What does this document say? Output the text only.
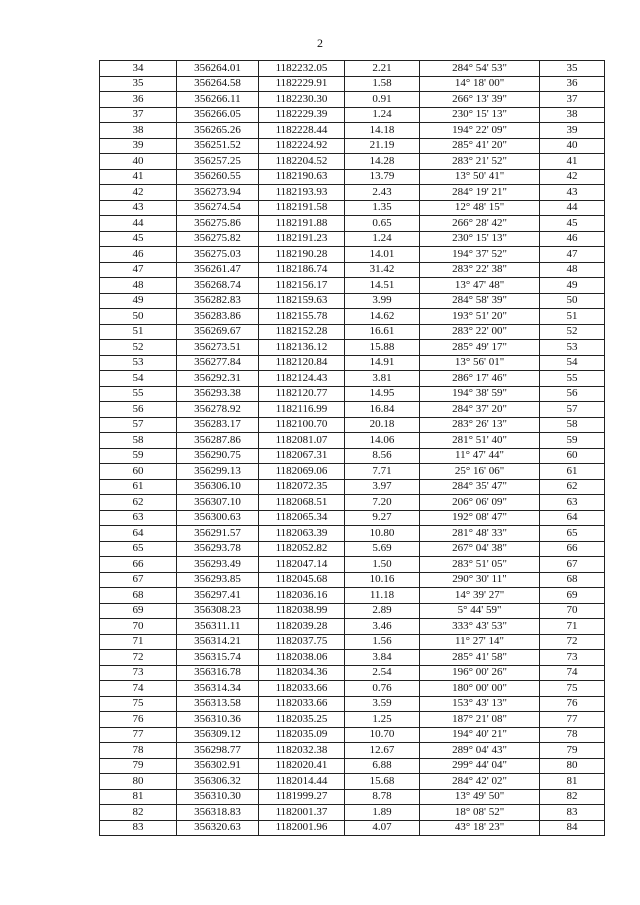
2
34	356264.01	1182232.05	2.21	284° 54' 53"	35
35	356264.58	1182229.91	1.58	14° 18' 00"	36
36	356266.11	1182230.30	0.91	266° 13' 39"	37
37	356266.05	1182229.39	1.24	230° 15' 13"	38
38	356265.26	1182228.44	14.18	194° 22' 09"	39
39	356251.52	1182224.92	21.19	285° 41' 20"	40
40	356257.25	1182204.52	14.28	283° 21' 52"	41
41	356260.55	1182190.63	13.79	13° 50' 41"	42
42	356273.94	1182193.93	2.43	284° 19' 21"	43
43	356274.54	1182191.58	1.35	12° 48' 15"	44
44	356275.86	1182191.88	0.65	266° 28' 42"	45
45	356275.82	1182191.23	1.24	230° 15' 13"	46
46	356275.03	1182190.28	14.01	194° 37' 52"	47
47	356261.47	1182186.74	31.42	283° 22' 38"	48
48	356268.74	1182156.17	14.51	13° 47' 48"	49
49	356282.83	1182159.63	3.99	284° 58' 39"	50
50	356283.86	1182155.78	14.62	193° 51' 20"	51
51	356269.67	1182152.28	16.61	283° 22' 00"	52
52	356273.51	1182136.12	15.88	285° 49' 17"	53
53	356277.84	1182120.84	14.91	13° 56' 01"	54
54	356292.31	1182124.43	3.81	286° 17' 46"	55
55	356293.38	1182120.77	14.95	194° 38' 59"	56
56	356278.92	1182116.99	16.84	284° 37' 20"	57
57	356283.17	1182100.70	20.18	283° 26' 13"	58
58	356287.86	1182081.07	14.06	281° 51' 40"	59
59	356290.75	1182067.31	8.56	11° 47' 44"	60
60	356299.13	1182069.06	7.71	25° 16' 06"	61
61	356306.10	1182072.35	3.97	284° 35' 47"	62
62	356307.10	1182068.51	7.20	206° 06' 09"	63
63	356300.63	1182065.34	9.27	192° 08' 47"	64
64	356291.57	1182063.39	10.80	281° 48' 33"	65
65	356293.78	1182052.82	5.69	267° 04' 38"	66
66	356293.49	1182047.14	1.50	283° 51' 05"	67
67	356293.85	1182045.68	10.16	290° 30' 11"	68
68	356297.41	1182036.16	11.18	14° 39' 27"	69
69	356308.23	1182038.99	2.89	5° 44' 59"	70
70	356311.11	1182039.28	3.46	333° 43' 53"	71
71	356314.21	1182037.75	1.56	11° 27' 14"	72
72	356315.74	1182038.06	3.84	285° 41' 58"	73
73	356316.78	1182034.36	2.54	196° 00' 26"	74
74	356314.34	1182033.66	0.76	180° 00' 00"	75
75	356313.58	1182033.66	3.59	153° 43' 13"	76
76	356310.36	1182035.25	1.25	187° 21' 08"	77
77	356309.12	1182035.09	10.70	194° 40' 21"	78
78	356298.77	1182032.38	12.67	289° 04' 43"	79
79	356302.91	1182020.41	6.88	299° 44' 04"	80
80	356306.32	1182014.44	15.68	284° 42' 02"	81
81	356310.30	1181999.27	8.78	13° 49' 50"	82
82	356318.83	1182001.37	1.89	18° 08' 52"	83
83	356320.63	1182001.96	4.07	43° 18' 23"	84
